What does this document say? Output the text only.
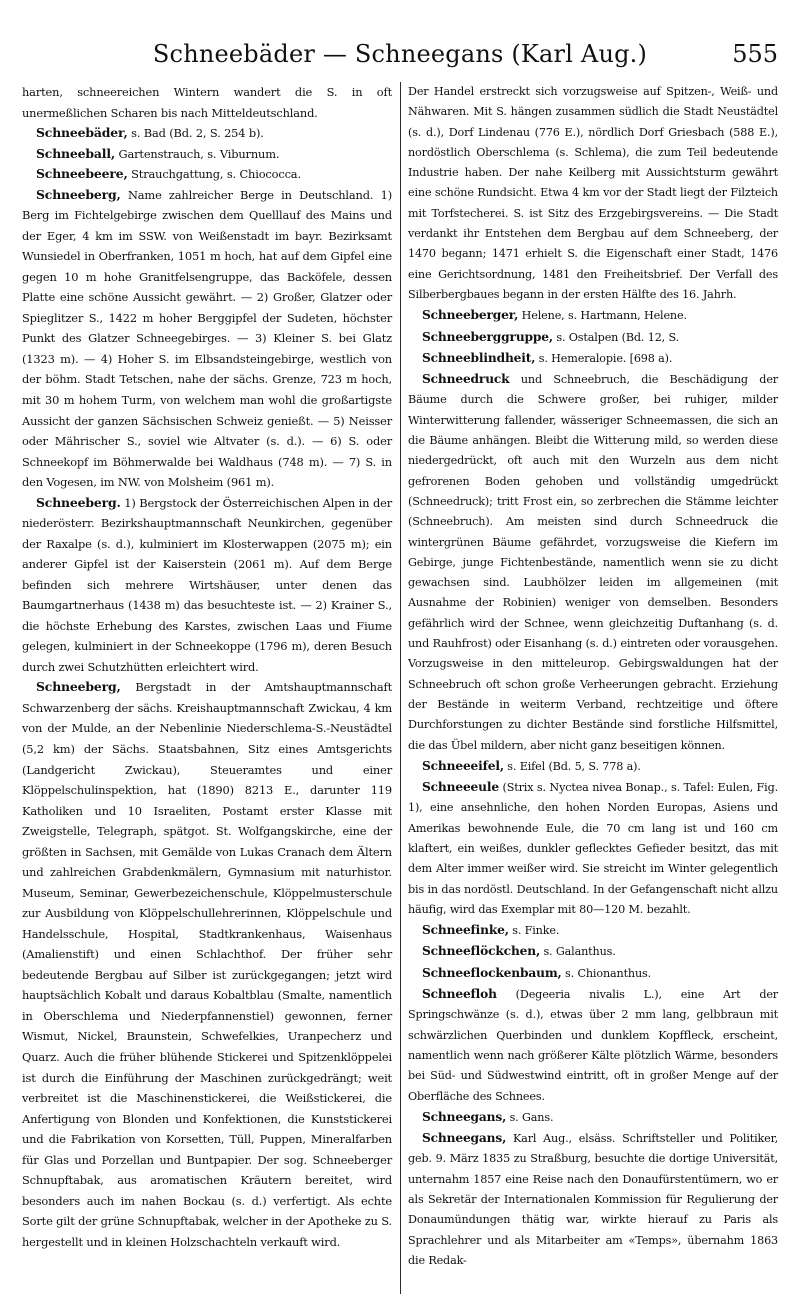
Schneebäder — Schneegans (Karl Aug.)	555

harten, schneereichen Wintern wandert die S. in oft unermeßlichen Scharen bis nach Mitteldeutschland.

Schneebäder, s. Bad (Bd. 2, S. 254 b).

Schneeball, Gartenstrauch, s. Viburnum.

Schneebeere, Strauchgattung, s. Chiococca.

Schneeberg, Name zahlreicher Berge in Deutschland. 1) Berg im Fichtelgebirge zwischen dem Quelllauf des Mains und der Eger, 4 km im SSW. von Weißenstadt im bayr. Bezirksamt Wunsiedel in Oberfranken, 1051 m hoch, hat auf dem Gipfel eine gegen 10 m hohe Granitfelsengruppe, das Backöfele, dessen Platte eine schöne Aussicht gewährt. — 2) Großer, Glatzer oder Spieglitzer S., 1422 m hoher Berggipfel der Sudeten, höchster Punkt des Glatzer Schneegebirges. — 3) Kleiner S. bei Glatz (1323 m). — 4) Hoher S. im Elbsandsteingebirge, westlich von der böhm. Stadt Tetschen, nahe der sächs. Grenze, 723 m hoch, mit 30 m hohem Turm, von welchem man wohl die großartigste Aussicht der ganzen Sächsischen Schweiz genießt. — 5) Neisser oder Mährischer S., soviel wie Altvater (s. d.). — 6) S. oder Schneekopf im Böhmerwalde bei Waldhaus (748 m). — 7) S. in den Vogesen, im NW. von Molsheim (961 m).

Schneeberg. 1) Bergstock der Österreichischen Alpen in der niederösterr. Bezirkshauptmannschaft Neunkirchen, gegenüber der Raxalpe (s. d.), kulminiert im Klosterwappen (2075 m); ein anderer Gipfel ist der Kaiserstein (2061 m). Auf dem Berge befinden sich mehrere Wirtshäuser, unter denen das Baumgartnerhaus (1438 m) das besuchteste ist. — 2) Krainer S., die höchste Erhebung des Karstes, zwischen Laas und Fiume gelegen, kulminiert in der Schneekoppe (1796 m), deren Besuch durch zwei Schutzhütten erleichtert wird.

Schneeberg, Bergstadt in der Amtshauptmannschaft Schwarzenberg der sächs. Kreishauptmannschaft Zwickau, 4 km von der Mulde, an der Nebenlinie Niederschlema-S.-Neustädtel (5,2 km) der Sächs. Staatsbahnen, Sitz eines Amtsgerichts (Landgericht Zwickau), Steueramtes und einer Klöppelschulinspektion, hat (1890) 8213 E., darunter 119 Katholiken und 10 Israeliten, Postamt erster Klasse mit Zweigstelle, Telegraph, spätgot. St. Wolfgangskirche, eine der größten in Sachsen, mit Gemälde von Lukas Cranach dem Ältern und zahlreichen Grabdenkmälern, Gymnasium mit naturhistor. Museum, Seminar, Gewerbezeichenschule, Klöppelmusterschule zur Ausbildung von Klöppelschullehrerinnen, Klöppelschule und Handelsschule, Hospital, Stadtkrankenhaus, Waisenhaus (Amalienstift) und einen Schlachthof. Der früher sehr bedeutende Bergbau auf Silber ist zurückgegangen; jetzt wird hauptsächlich Kobalt und daraus Kobaltblau (Smalte, namentlich in Oberschlema und Niederpfannenstiel) gewonnen, ferner Wismut, Nickel, Braunstein, Schwefelkies, Uranpecherz und Quarz. Auch die früher blühende Stickerei und Spitzenklöppelei ist durch die Einführung der Maschinen zurückgedrängt; weit verbreitet ist die Maschinenstickerei, die Weißstickerei, die Anfertigung von Blonden und Konfektionen, die Kunststickerei und die Fabrikation von Korsetten, Tüll, Puppen, Mineralfarben für Glas und Porzellan und Buntpapier. Der sog. Schneeberger Schnupftabak, aus aromatischen Kräutern bereitet, wird besonders auch im nahen Bockau (s. d.) verfertigt. Als echte Sorte gilt der grüne Schnupftabak, welcher in der Apotheke zu S. hergestellt und in kleinen Holzschachteln verkauft wird.

Der Handel erstreckt sich vorzugsweise auf Spitzen-, Weiß- und Nähwaren. Mit S. hängen zusammen südlich die Stadt Neustädtel (s. d.), Dorf Lindenau (776 E.), nördlich Dorf Griesbach (588 E.), nordöstlich Oberschlema (s. Schlema), die zum Teil bedeutende Industrie haben. Der nahe Keilberg mit Aussichtsturm gewährt eine schöne Rundsicht. Etwa 4 km vor der Stadt liegt der Filzteich mit Torfstecherei. S. ist Sitz des Erzgebirgsvereins. — Die Stadt verdankt ihr Entstehen dem Bergbau auf dem Schneeberg, der 1470 begann; 1471 erhielt S. die Eigenschaft einer Stadt, 1476 eine Gerichtsordnung, 1481 den Freiheitsbrief. Der Verfall des Silberbergbaues begann in der ersten Hälfte des 16. Jahrh.

Schneeberger, Helene, s. Hartmann, Helene.

Schneeberggruppe, s. Ostalpen (Bd. 12, S.

Schneeblindheit, s. Hemeralopie. [698 a).

Schneedruck und Schneebruch, die Beschädigung der Bäume durch die Schwere großer, bei ruhiger, milder Winterwitterung fallender, wässeriger Schneemassen, die sich an die Bäume anhängen. Bleibt die Witterung mild, so werden diese niedergedrückt, oft auch mit den Wurzeln aus dem nicht gefrorenen Boden gehoben und vollständig umgedrückt (Schneedruck); tritt Frost ein, so zerbrechen die Stämme leichter (Schneebruch). Am meisten sind durch Schneedruck die wintergrünen Bäume gefährdet, vorzugsweise die Kiefern im Gebirge, junge Fichtenbestände, namentlich wenn sie zu dicht gewachsen sind. Laubhölzer leiden im allgemeinen (mit Ausnahme der Robinien) weniger von demselben. Besonders gefährlich wird der Schnee, wenn gleichzeitig Duftanhang (s. d. und Rauhfrost) oder Eisanhang (s. d.) eintreten oder vorausgehen. Vorzugsweise in den mitteleurop. Gebirgswaldungen hat der Schneebruch oft schon große Verheerungen gebracht. Erziehung der Bestände in weiterm Verband, rechtzeitige und öftere Durchforstungen zu dichter Bestände sind forstliche Hilfsmittel, die das Übel mildern, aber nicht ganz beseitigen können.

Schneeeifel, s. Eifel (Bd. 5, S. 778 a).

Schneeeule (Strix s. Nyctea nivea Bonap., s. Tafel: Eulen, Fig. 1), eine ansehnliche, den hohen Norden Europas, Asiens und Amerikas bewohnende Eule, die 70 cm lang ist und 160 cm klaftert, ein weißes, dunkler geflecktes Gefieder besitzt, das mit dem Alter immer weißer wird. Sie streicht im Winter gelegentlich bis in das nordöstl. Deutschland. In der Gefangenschaft nicht allzu häufig, wird das Exemplar mit 80—120 M. bezahlt.

Schneefinke, s. Finke.

Schneeflöckchen, s. Galanthus.

Schneeflockenbaum, s. Chionanthus.

Schneefloh (Degeeria nivalis L.), eine Art der Springschwänze (s. d.), etwas über 2 mm lang, gelbbraun mit schwärzlichen Querbinden und dunklem Kopffleck, erscheint, namentlich wenn nach größerer Kälte plötzlich Wärme, besonders bei Süd- und Südwestwind eintritt, oft in großer Menge auf der Oberfläche des Schnees.

Schneegans, s. Gans.

Schneegans, Karl Aug., elsäss. Schriftsteller und Politiker, geb. 9. März 1835 zu Straßburg, besuchte die dortige Universität, unternahm 1857 eine Reise nach den Donaufürstentümern, wo er als Sekretär der Internationalen Kommission für Regulierung der Donaumündungen thätig war, wirkte hierauf zu Paris als Sprachlehrer und als Mitarbeiter am «Temps», übernahm 1863 die Redak-
